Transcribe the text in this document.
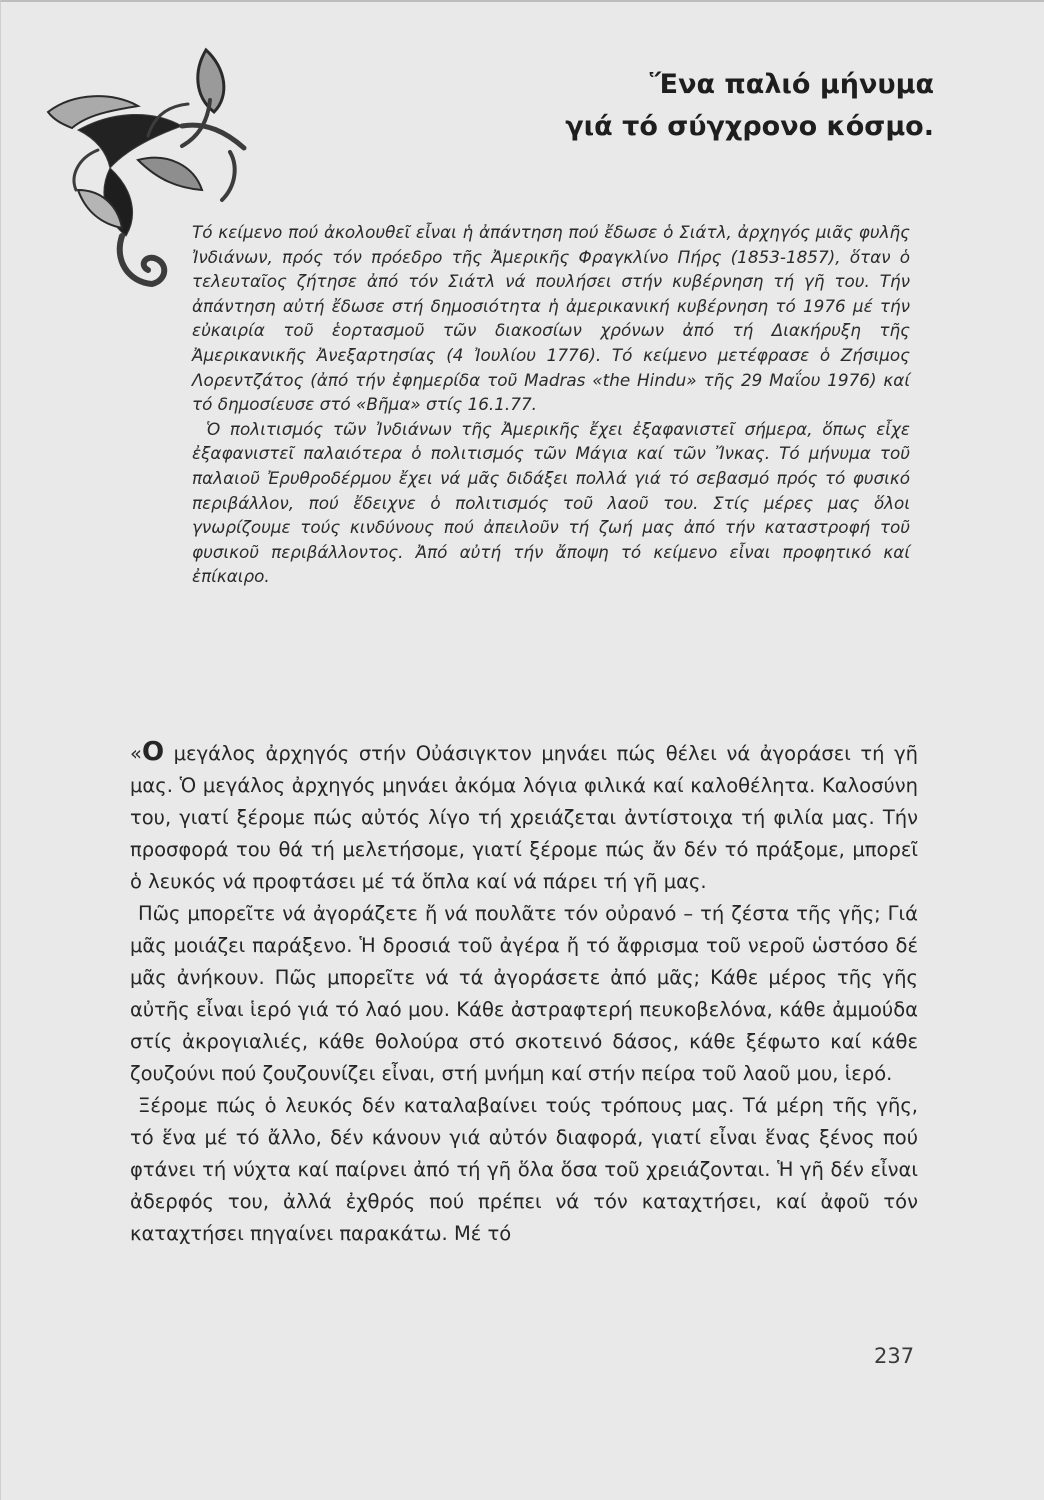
Ἕνα παλιό μήνυμα
γιά τό σύγχρονο κόσμο.

Τό κείμενο πού ἀκολουθεῖ εἶναι ἡ ἀπάντηση πού ἔδωσε ὁ Σιάτλ, ἀρχηγός μιᾶς φυλῆς Ἰνδιάνων, πρός τόν πρόεδρο τῆς Ἀμερικῆς Φραγκλίνο Πήρς (1853-1857), ὅταν ὁ τελευταῖος ζήτησε ἀπό τόν Σιάτλ νά πουλήσει στήν κυβέρνηση τή γῆ του. Τήν ἀπάντηση αὐτή ἔδωσε στή δημοσιότητα ἡ ἀμερικανική κυβέρνηση τό 1976 μέ τήν εὐκαιρία τοῦ ἑορτασμοῦ τῶν διακοσίων χρόνων ἀπό τή Διακήρυξη τῆς Ἀμερικανικῆς Ἀνεξαρτησίας (4 Ἰουλίου 1776). Τό κείμενο μετέφρασε ὁ Ζήσιμος Λορεντζάτος (ἀπό τήν ἐφημερίδα τοῦ Madras «the Hindu» τῆς 29 Μαΐου 1976) καί τό δημοσίευσε στό «Βῆμα» στίς 16.1.77.

Ὁ πολιτισμός τῶν Ἰνδιάνων τῆς Ἀμερικῆς ἔχει ἐξαφανιστεῖ σήμερα, ὅπως εἶχε ἐξαφανιστεῖ παλαιότερα ὁ πολιτισμός τῶν Μάγια καί τῶν Ἴνκας. Τό μήνυμα τοῦ παλαιοῦ Ἐρυθροδέρμου ἔχει νά μᾶς διδάξει πολλά γιά τό σεβασμό πρός τό φυσικό περιβάλλον, πού ἔδειχνε ὁ πολιτισμός τοῦ λαοῦ του. Στίς μέρες μας ὅλοι γνωρίζουμε τούς κινδύνους πού ἀπειλοῦν τή ζωή μας ἀπό τήν καταστροφή τοῦ φυσικοῦ περιβάλλοντος. Ἀπό αὐτή τήν ἄποψη τό κείμενο εἶναι προφητικό καί ἐπίκαιρο.

«Ο μεγάλος ἀρχηγός στήν Οὐάσιγκτον μηνάει πώς θέλει νά ἀγοράσει τή γῆ μας. Ὁ μεγάλος ἀρχηγός μηνάει ἀκόμα λόγια φιλικά καί καλοθέλητα. Καλοσύνη του, γιατί ξέρομε πώς αὐτός λίγο τή χρειάζεται ἀντίστοιχα τή φιλία μας. Τήν προσφορά του θά τή μελετήσομε, γιατί ξέρομε πώς ἄν δέν τό πράξομε, μπορεῖ ὁ λευκός νά προφτάσει μέ τά ὅπλα καί νά πάρει τή γῆ μας.

Πῶς μπορεῖτε νά ἀγοράζετε ἤ νά πουλᾶτε τόν οὐρανό – τή ζέστα τῆς γῆς; Γιά μᾶς μοιάζει παράξενο. Ἡ δροσιά τοῦ ἀγέρα ἤ τό ἄφρισμα τοῦ νεροῦ ὡστόσο δέ μᾶς ἀνήκουν. Πῶς μπορεῖτε νά τά ἀγοράσετε ἀπό μᾶς; Κάθε μέρος τῆς γῆς αὐτῆς εἶναι ἱερό γιά τό λαό μου. Κάθε ἀστραφτερή πευκοβελόνα, κάθε ἀμμούδα στίς ἀκρογιαλιές, κάθε θολούρα στό σκοτεινό δάσος, κάθε ξέφωτο καί κάθε ζουζούνι πού ζουζουνίζει εἶναι, στή μνήμη καί στήν πείρα τοῦ λαοῦ μου, ἱερό.

Ξέρομε πώς ὁ λευκός δέν καταλαβαίνει τούς τρόπους μας. Τά μέρη τῆς γῆς, τό ἕνα μέ τό ἄλλο, δέν κάνουν γιά αὐτόν διαφορά, γιατί εἶναι ἕνας ξένος πού φτάνει τή νύχτα καί παίρνει ἀπό τή γῆ ὅλα ὅσα τοῦ χρειάζονται. Ἡ γῆ δέν εἶναι ἀδερφός του, ἀλλά ἐχθρός πού πρέπει νά τόν καταχτήσει, καί ἀφοῦ τόν καταχτήσει πηγαίνει παρακάτω. Μέ τό

237
